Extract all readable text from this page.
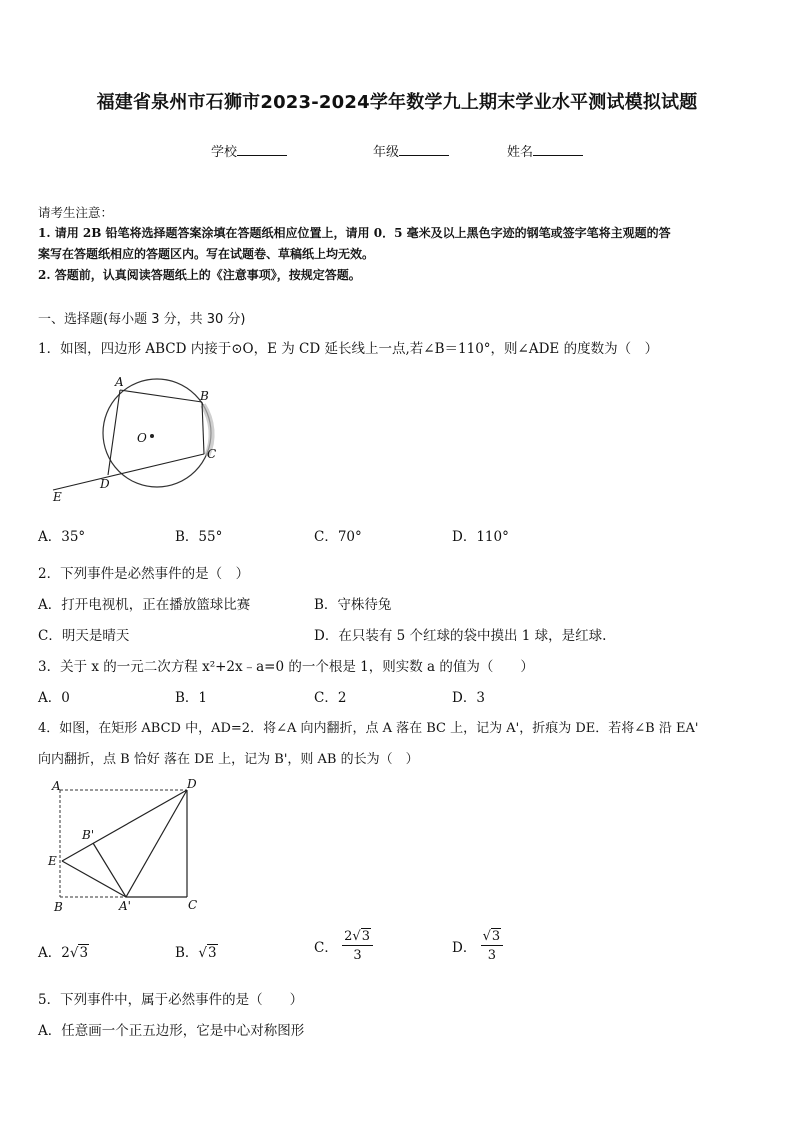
福建省泉州市石狮市2023-2024学年数学九上期末学业水平测试模拟试题
学校	年级	姓名
请考生注意：
1. 请用 2B 铅笔将选择题答案涂填在答题纸相应位置上，请用 0．5 毫米及以上黑色字迹的钢笔或签字笔将主观题的答
案写在答题纸相应的答题区内。写在试题卷、草稿纸上均无效。
2. 答题前，认真阅读答题纸上的《注意事项》，按规定答题。
一、选择题(每小题 3 分，共 30 分)
1．如图，四边形 ABCD 内接于⊙O，E 为 CD 延长线上一点,若∠B＝110°，则∠ADE 的度数为（　）
A
B
C
D
E
O
A．35°	B．55°	C．70°	D．110°
2．下列事件是必然事件的是（　）
A．打开电视机，正在播放篮球比赛	B．守株待兔
C．明天是晴天	D．在只装有 5 个红球的袋中摸出 1 球，是红球.
3．关于 x 的一元二次方程 x²+2x﹣a=0 的一个根是 1，则实数 a 的值为（　　）
A．0	B．1	C．2	D．3
4．如图，在矩形 ABCD 中，AD=2．将∠A 向内翻折，点 A 落在 BC 上，记为 A'，折痕为 DE．若将∠B 沿 EA'
向内翻折，点 B 恰好 落在 DE 上，记为 B'，则 AB 的长为（　）
A	D
E
B'
B	A'	C
A．2√3	B．√3	C． $\frac{2√3}{3}$	D． $\frac{√3}{3}$
5．下列事件中，属于必然事件的是（　　）
A．任意画一个正五边形，它是中心对称图形
